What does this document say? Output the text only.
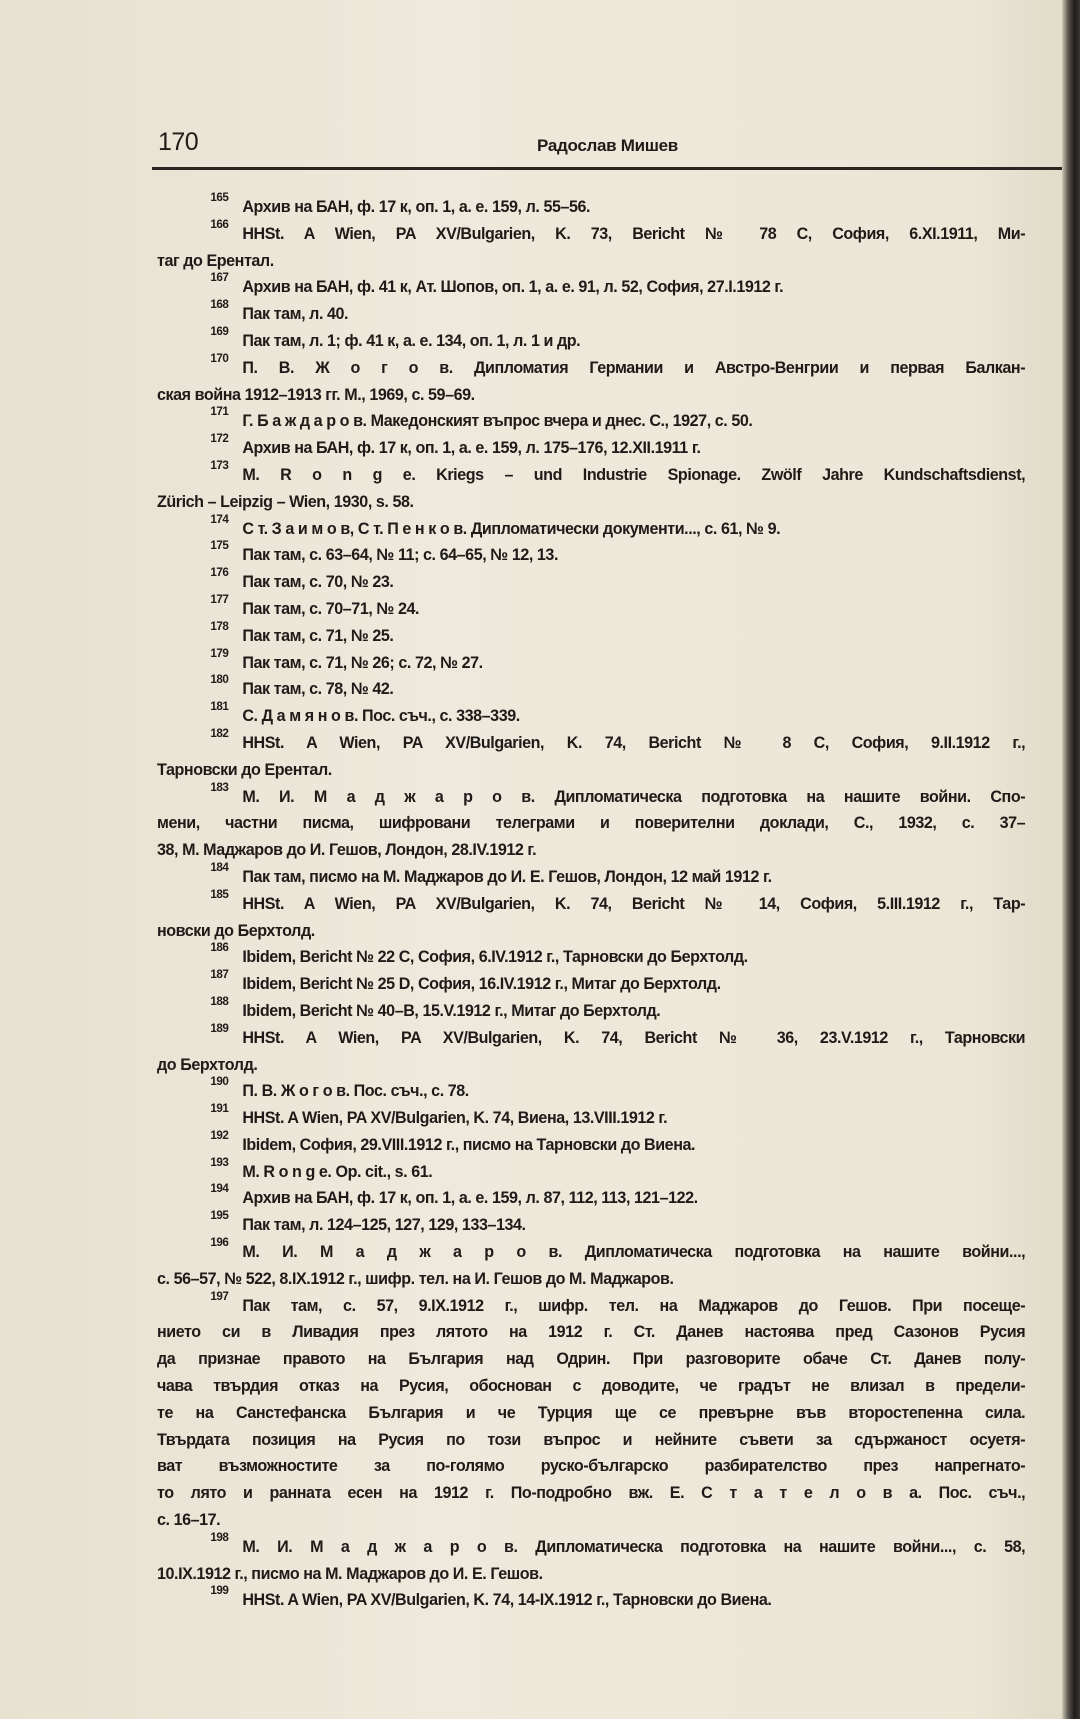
170	Радослав Мишев
165 Архив на БАН, ф. 17 к, оп. 1, а. е. 159, л. 55–56.
166 HHSt. A Wien, PA XV/Bulgarien, K. 73, Bericht № 78 C, София, 6.XI.1911, Ми-
таг до Ерентал.
167 Архив на БАН, ф. 41 к, Ат. Шопов, оп. 1, а. е. 91, л. 52, София, 27.I.1912 г.
168 Пак там, л. 40.
169 Пак там, л. 1; ф. 41 к, а. е. 134, оп. 1, л. 1 и др.
170 П. В. Ж о г о в. Дипломатия Германии и Австро-Венгрии и первая Балкан-
ская война 1912–1913 гг. М., 1969, с. 59–69.
171 Г. Б а ж д а р о в. Македонският въпрос вчера и днес. С., 1927, с. 50.
172 Архив на БАН, ф. 17 к, оп. 1, а. е. 159, л. 175–176, 12.XII.1911 г.
173 M. R o n g e. Kriegs – und Industrie Spionage. Zwölf Jahre Kundschaftsdienst,
Zürich – Leipzig – Wien, 1930, s. 58.
174 С т. З а и м о в, С т. П е н к о в. Дипломатически документи..., с. 61, № 9.
175 Пак там, с. 63–64, № 11; с. 64–65, № 12, 13.
176 Пак там, с. 70, № 23.
177 Пак там, с. 70–71, № 24.
178 Пак там, с. 71, № 25.
179 Пак там, с. 71, № 26; с. 72, № 27.
180 Пак там, с. 78, № 42.
181 С. Д а м я н о в. Пос. съч., с. 338–339.
182 HHSt. A Wien, PA XV/Bulgarien, K. 74, Bericht № 8 C, София, 9.II.1912 г.,
Тарновски до Ерентал.
183 М. И. М а д ж а р о в. Дипломатическа подготовка на нашите войни. Спо-
мени, частни писма, шифровани телеграми и поверителни доклади, С., 1932, с. 37–
38, М. Маджаров до И. Гешов, Лондон, 28.IV.1912 г.
184 Пак там, писмо на М. Маджаров до И. Е. Гешов, Лондон, 12 май 1912 г.
185 HHSt. A Wien, PA XV/Bulgarien, K. 74, Bericht № 14, София, 5.III.1912 г., Тар-
новски до Берхтолд.
186 Ibidem, Bericht № 22 C, София, 6.IV.1912 г., Тарновски до Берхтолд.
187 Ibidem, Bericht № 25 D, София, 16.IV.1912 г., Митаг до Берхтолд.
188 Ibidem, Bericht № 40–B, 15.V.1912 г., Митаг до Берхтолд.
189 HHSt. A Wien, PA XV/Bulgarien, K. 74, Bericht № 36, 23.V.1912 г., Тарновски
до Берхтолд.
190 П. В. Ж о г о в. Пос. съч., с. 78.
191 HHSt. A Wien, PA XV/Bulgarien, K. 74, Виена, 13.VIII.1912 г.
192 Ibidem, София, 29.VIII.1912 г., писмо на Тарновски до Виена.
193 M. R o n g e. Op. cit., s. 61.
194 Архив на БАН, ф. 17 к, оп. 1, а. е. 159, л. 87, 112, 113, 121–122.
195 Пак там, л. 124–125, 127, 129, 133–134.
196 М. И. М а д ж а р о в. Дипломатическа подготовка на нашите войни...,
с. 56–57, № 522, 8.IX.1912 г., шифр. тел. на И. Гешов до М. Маджаров.
197 Пак там, с. 57, 9.IX.1912 г., шифр. тел. на Маджаров до Гешов. При посеще-
нието си в Ливадия през лятото на 1912 г. Ст. Данев настоява пред Сазонов Русия
да признае правото на България над Одрин. При разговорите обаче Ст. Данев полу-
чава твърдия отказ на Русия, обоснован с доводите, че градът не влизал в предели-
те на Санстефанска България и че Турция ще се превърне във второстепенна сила.
Твърдата позиция на Русия по този въпрос и нейните съвети за сдържаност осуетя-
ват възможностите за по-голямо руско-българско разбирателство през напрегнато-
то лято и ранната есен на 1912 г. По-подробно вж. Е. С т а т е л о в а. Пос. съч.,
с. 16–17.
198 М. И. М а д ж а р о в. Дипломатическа подготовка на нашите войни..., с. 58,
10.IX.1912 г., писмо на М. Маджаров до И. Е. Гешов.
199 HHSt. A Wien, PA XV/Bulgarien, K. 74, 14-IX.1912 г., Тарновски до Виена.
